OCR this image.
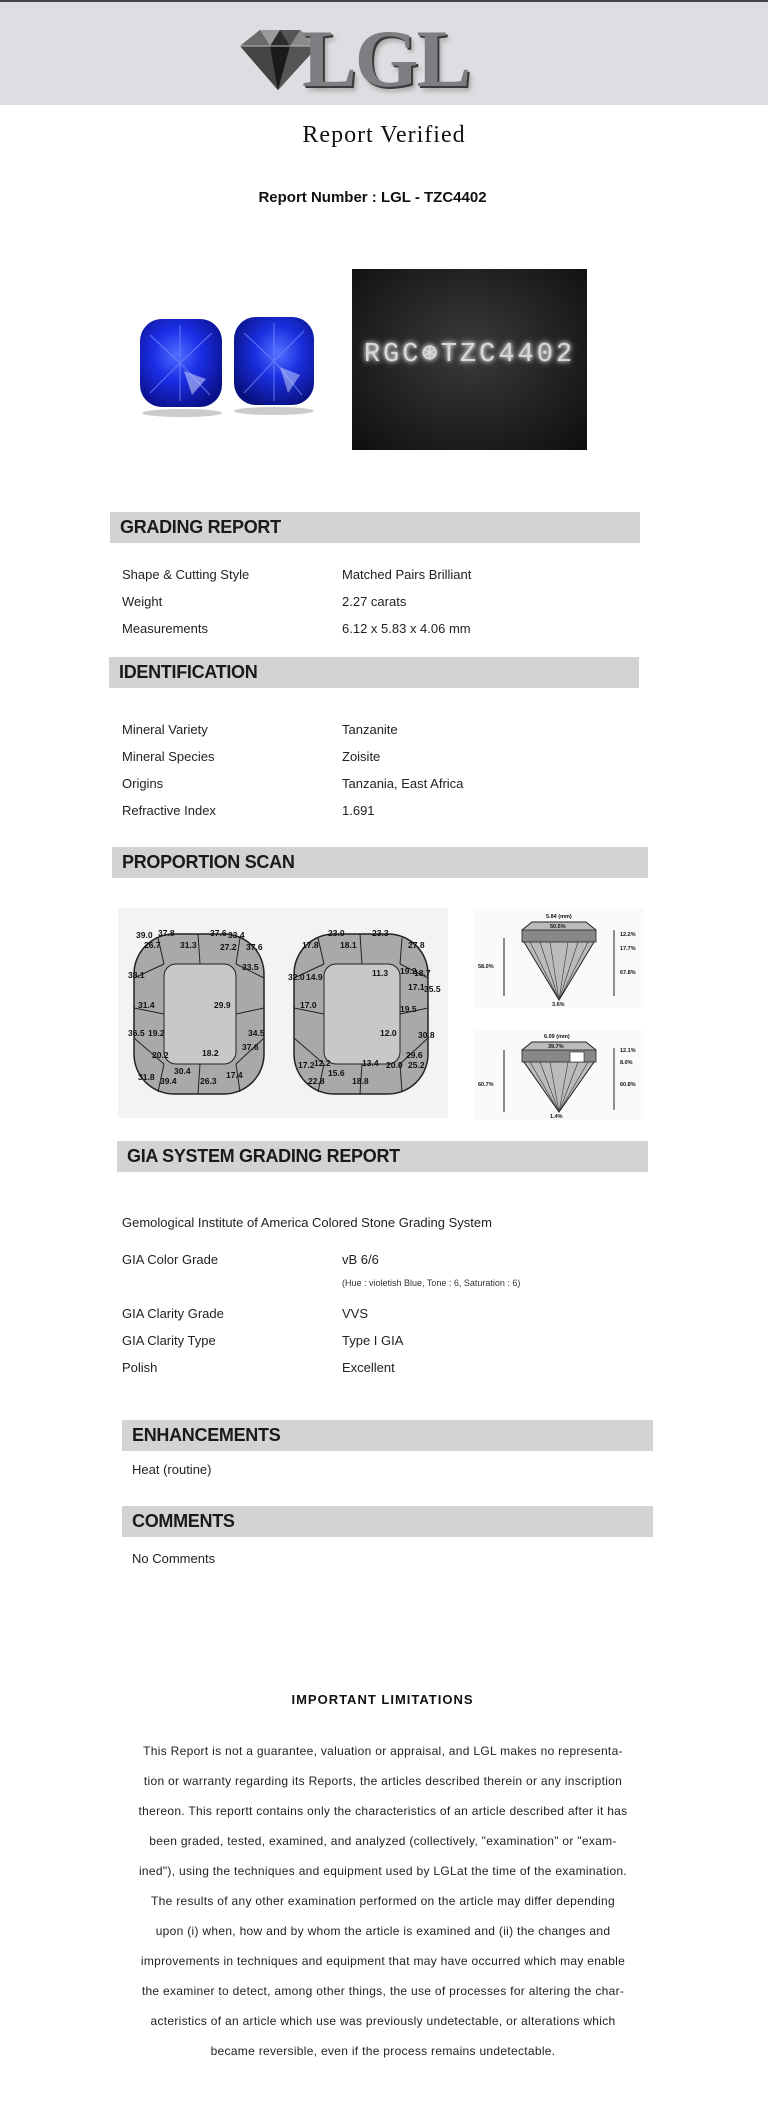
LGL
Report Verified
Report Number : LGL - TZC4402
RGC⊛TZC4402
GRADING REPORT
Shape & Cutting Style	Matched Pairs Brilliant
Weight	2.27 carats
Measurements	6.12 x 5.83 x 4.06 mm
IDENTIFICATION
Mineral Variety	Tanzanite
Mineral Species	Zoisite
Origins	Tanzania, East Africa
Refractive Index	1.691
PROPORTION SCAN
39.0 37.8	37.6 33.4
26.7 31.3	27.2 37.6
38.1
33.5
31.4	29.9
36.5 19.2	34.5
20.2	18.2
37.6
31.8
30.4
26.3
17.4
39.4
23.0	23.3
17.8	18.1	27.8
32.0 14.9	11.3 19.2
18.7
17.1 35.5
17.0	19.5
12.0	30.8
29.6
17.2 12.2	13.4 20.0 25.2
15.6
18.8
22.8
5.84 (mm)
50.5%
12.2%
17.7%
58.0%
67.8%
3.6%
6.09 (mm)
39.7%
12.1%
8.0%
60.7%	60.8%
1.4%
GIA SYSTEM GRADING REPORT
Gemological Institute of America Colored Stone Grading System
GIA Color Grade	vB 6/6
(Hue : violetish Blue, Tone : 6, Saturation : 6)
GIA Clarity Grade	VVS
GIA Clarity Type	Type I GIA
Polish	Excellent
ENHANCEMENTS
Heat (routine)
COMMENTS
No Comments
IMPORTANT LIMITATIONS
This Report is not a guarantee, valuation or appraisal, and LGL makes no representa-
tion or warranty regarding its Reports, the articles described therein or any inscription
thereon. This reportt contains only the characteristics of an article described after it has
been graded, tested, examined, and analyzed (collectively, "examination" or "exam-
ined"), using the techniques and equipment used by LGLat the time of the examination.
The results of any other examination performed on the article may differ depending
upon (i) when, how and by whom the article is examined and (ii) the changes and
improvements in techniques and equipment that may have occurred which may enable
the examiner to detect, among other things, the use of processes for altering the char-
acteristics of an article which use was previously undetectable, or alterations which
became reversible, even if the process remains undetectable.
